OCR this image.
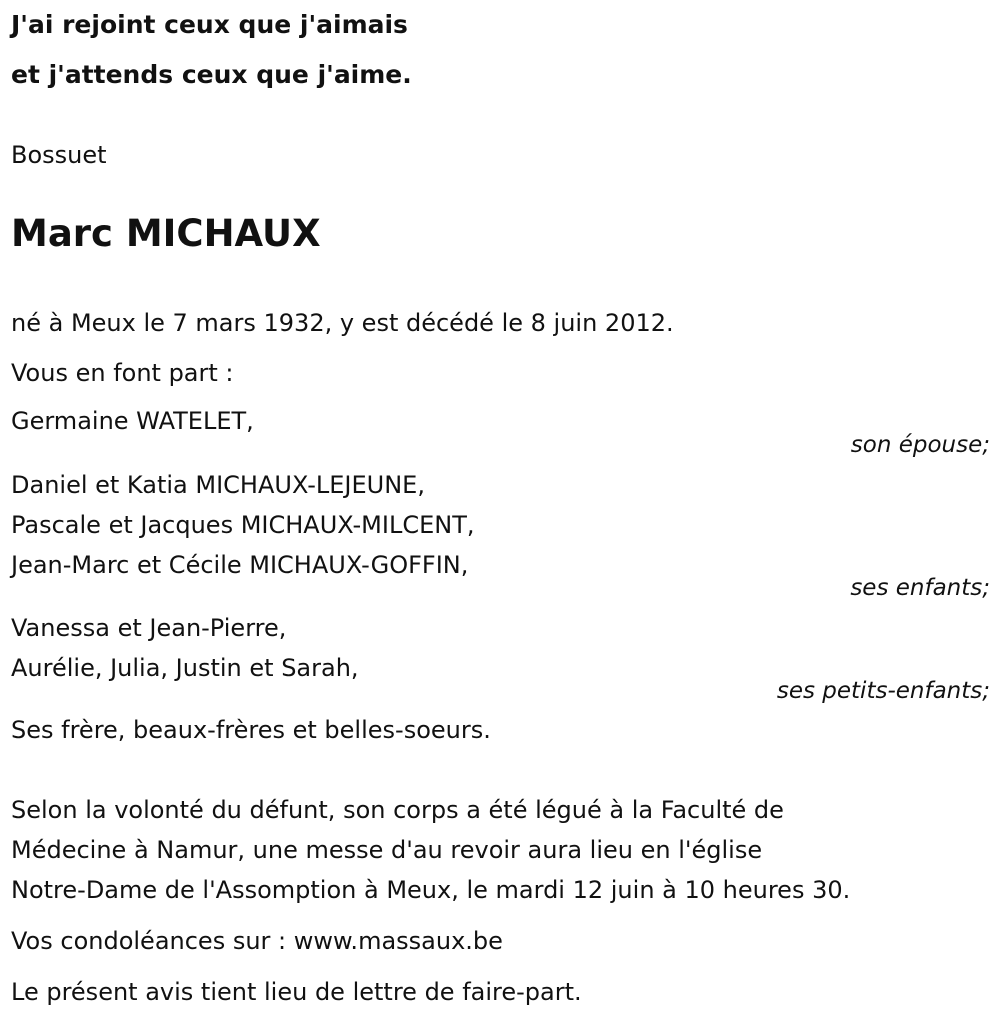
J'ai rejoint ceux que j'aimais
et j'attends ceux que j'aime.
Bossuet
Marc MICHAUX
né à Meux le 7 mars 1932, y est décédé le 8 juin 2012.
Vous en font part :
Germaine WATELET,
son épouse;
Daniel et Katia MICHAUX-LEJEUNE,
Pascale et Jacques MICHAUX-MILCENT,
Jean-Marc et Cécile MICHAUX-GOFFIN,
ses enfants;
Vanessa et Jean-Pierre,
Aurélie, Julia, Justin et Sarah,
ses petits-enfants;
Ses frère, beaux-frères et belles-soeurs.
Selon la volonté du défunt, son corps a été légué à la Faculté de
Médecine à Namur, une messe d'au revoir aura lieu en l'église
Notre-Dame de l'Assomption à Meux, le mardi 12 juin à 10 heures 30.
Vos condoléances sur : www.massaux.be
Le présent avis tient lieu de lettre de faire-part.
